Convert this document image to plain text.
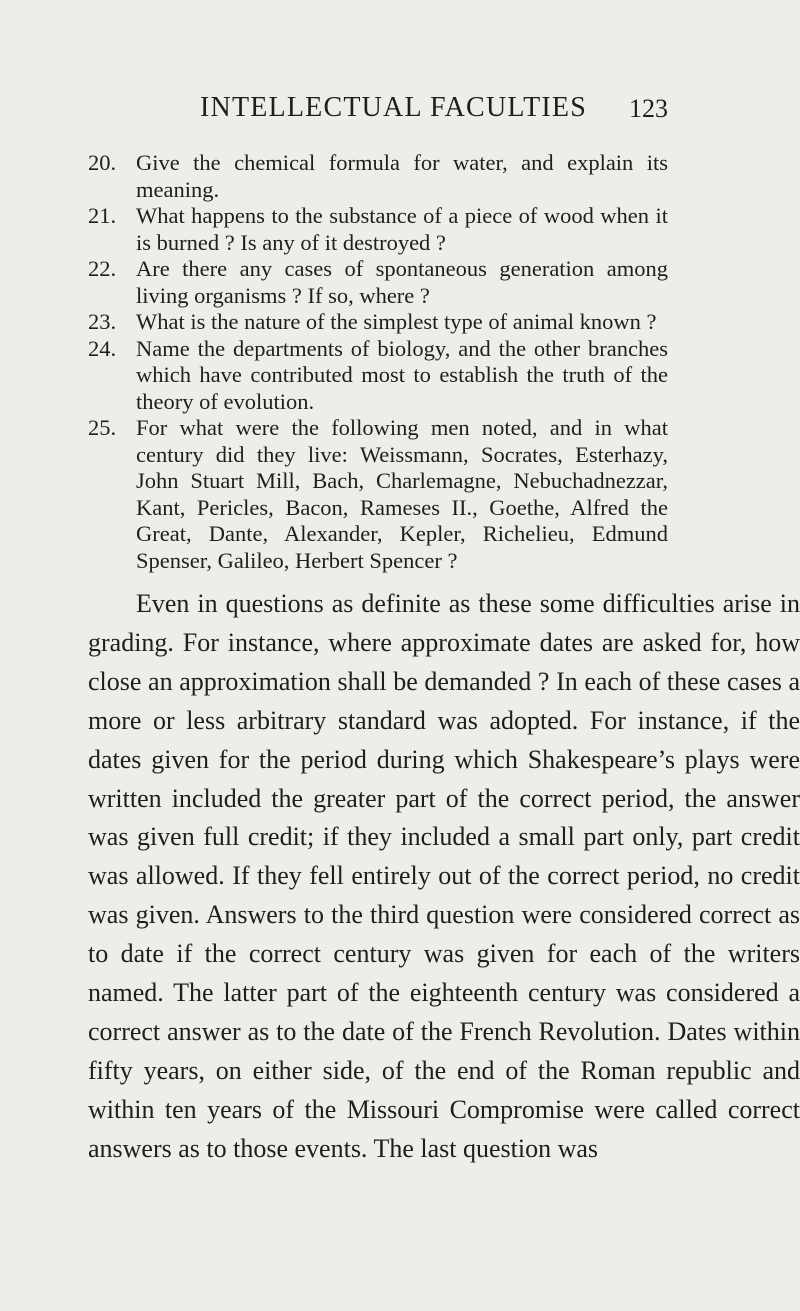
INTELLECTUAL FACULTIES 123
20. Give the chemical formula for water, and explain its meaning.
21. What happens to the substance of a piece of wood when it is burned ? Is any of it destroyed ?
22. Are there any cases of spontaneous generation among living organisms ? If so, where ?
23. What is the nature of the simplest type of animal known ?
24. Name the departments of biology, and the other branches which have contributed most to establish the truth of the theory of evolution.
25. For what were the following men noted, and in what century did they live: Weissmann, Socrates, Esterhazy, John Stuart Mill, Bach, Charlemagne, Nebuchadnezzar, Kant, Pericles, Bacon, Rameses II., Goethe, Alfred the Great, Dante, Alexander, Kepler, Richelieu, Edmund Spenser, Galileo, Herbert Spencer ?

Even in questions as definite as these some difficulties arise in grading. For instance, where approximate dates are asked for, how close an approximation shall be demanded ? In each of these cases a more or less arbitrary standard was adopted. For instance, if the dates given for the period during which Shakespeare’s plays were written included the greater part of the correct period, the answer was given full credit; if they included a small part only, part credit was allowed. If they fell entirely out of the correct period, no credit was given. Answers to the third question were considered correct as to date if the correct century was given for each of the writers named. The latter part of the eighteenth century was considered a correct answer as to the date of the French Revolution. Dates within fifty years, on either side, of the end of the Roman republic and within ten years of the Missouri Compromise were called correct answers as to those events. The last question was
